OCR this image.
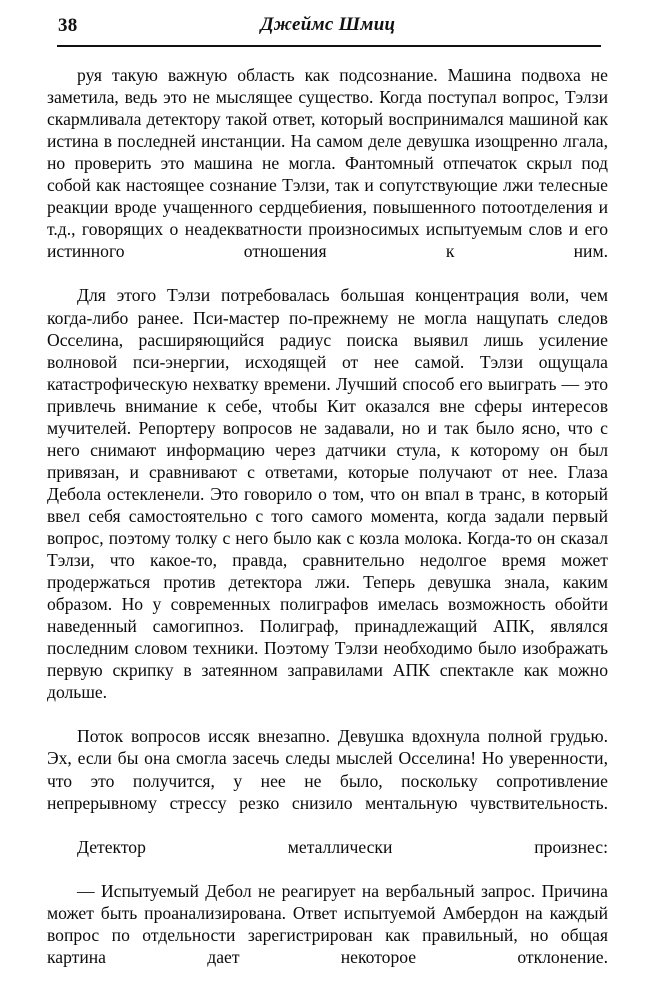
38	Джеймс Шмиц

руя такую важную область как подсознание. Машина подвоха не заметила, ведь это не мыслящее существо. Когда поступал вопрос, Тэлзи скармливала детектору такой ответ, который воспринимался машиной как истина в последней инстанции. На самом деле девушка изощренно лгала, но проверить это машина не могла. Фантомный отпечаток скрыл под собой как настоящее сознание Тэлзи, так и сопутствующие лжи телесные реакции вроде учащенного сердцебиения, повышенного потоотделения и т.д., говорящих о неадекватности произносимых испытуемым слов и его истинного отношения к ним.

Для этого Тэлзи потребовалась большая концентрация воли, чем когда-либо ранее. Пси-мастер по-прежнему не могла нащупать следов Осселина, расширяющийся радиус поиска выявил лишь усиление волновой пси-энергии, исходящей от нее самой. Тэлзи ощущала катастрофическую нехватку времени. Лучший способ его выиграть — это привлечь внимание к себе, чтобы Кит оказался вне сферы интересов мучителей. Репортеру вопросов не задавали, но и так было ясно, что с него снимают информацию через датчики стула, к которому он был привязан, и сравнивают с ответами, которые получают от нее. Глаза Дебола остекленели. Это говорило о том, что он впал в транс, в который ввел себя самостоятельно с того самого момента, когда задали первый вопрос, поэтому толку с него было как с козла молока. Когда-то он сказал Тэлзи, что какое-то, правда, сравнительно недолгое время может продержаться против детектора лжи. Теперь девушка знала, каким образом. Но у современных полиграфов имелась возможность обойти наведенный самогипноз. Полиграф, принадлежащий АПК, являлся последним словом техники. Поэтому Тэлзи необходимо было изображать первую скрипку в затеянном заправилами АПК спектакле как можно дольше.

Поток вопросов иссяк внезапно. Девушка вдохнула полной грудью. Эх, если бы она смогла засечь следы мыслей Осселина! Но уверенности, что это получится, у нее не было, поскольку сопротивление непрерывному стрессу резко снизило ментальную чувствительность.

Детектор металлически произнес:

— Испытуемый Дебол не реагирует на вербальный запрос. Причина может быть проанализирована. Ответ испытуемой Амбердон на каждый вопрос по отдельности зарегистрирован как правильный, но общая картина дает некоторое отклонение.
